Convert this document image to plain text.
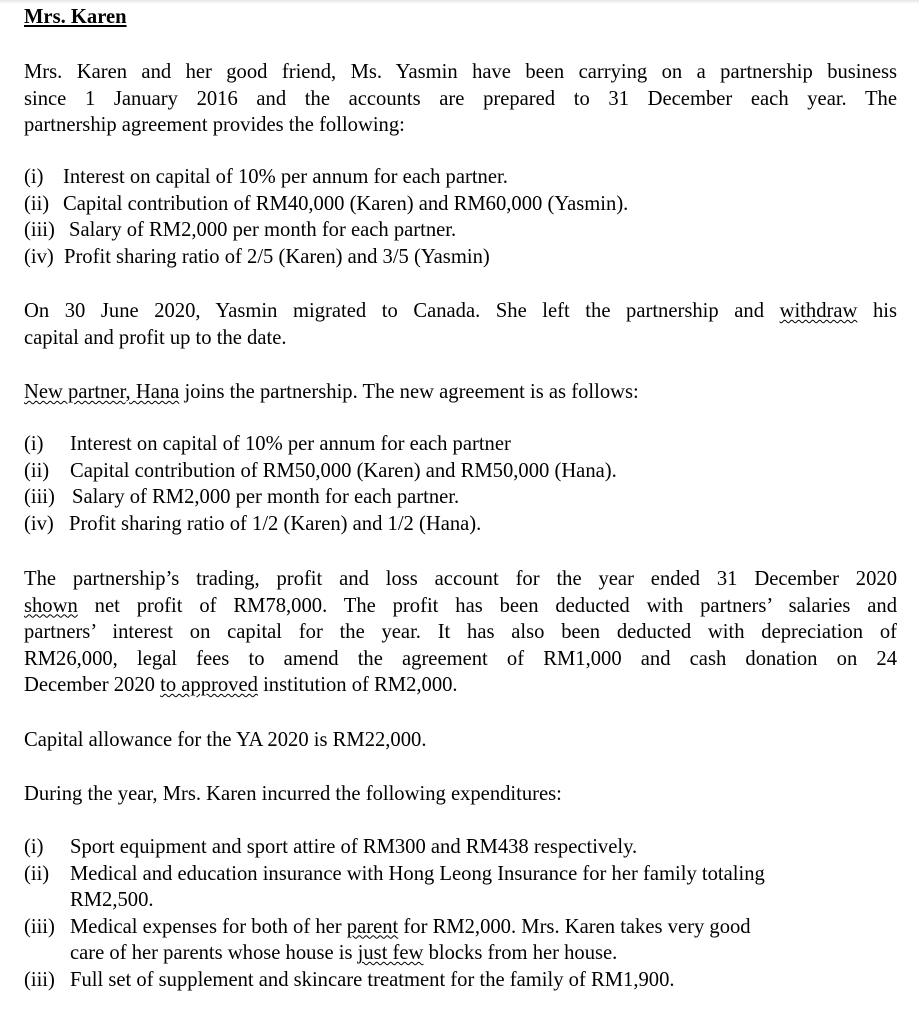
Mrs. Karen

Mrs. Karen and her good friend, Ms. Yasmin have been carrying on a partnership business
since 1 January 2016 and the accounts are prepared to 31 December each year. The
partnership agreement provides the following:
(i) Interest on capital of 10% per annum for each partner.
(ii) Capital contribution of RM40,000 (Karen) and RM60,000 (Yasmin).
(iii) Salary of RM2,000 per month for each partner.
(iv) Profit sharing ratio of 2/5 (Karen) and 3/5 (Yasmin)
On 30 June 2020, Yasmin migrated to Canada. She left the partnership and withdraw his
capital and profit up to the date.
New partner, Hana joins the partnership. The new agreement is as follows:
(i) Interest on capital of 10% per annum for each partner
(ii) Capital contribution of RM50,000 (Karen) and RM50,000 (Hana).
(iii) Salary of RM2,000 per month for each partner.
(iv) Profit sharing ratio of 1/2 (Karen) and 1/2 (Hana).
The partnership’s trading, profit and loss account for the year ended 31 December 2020
shown net profit of RM78,000. The profit has been deducted with partners’ salaries and
partners’ interest on capital for the year. It has also been deducted with depreciation of
RM26,000, legal fees to amend the agreement of RM1,000 and cash donation on 24
December 2020 to approved institution of RM2,000.
Capital allowance for the YA 2020 is RM22,000.
During the year, Mrs. Karen incurred the following expenditures:
(i) Sport equipment and sport attire of RM300 and RM438 respectively.
(ii) Medical and education insurance with Hong Leong Insurance for her family totaling
RM2,500.
(iii) Medical expenses for both of her parent for RM2,000. Mrs. Karen takes very good
care of her parents whose house is just few blocks from her house.
(iii) Full set of supplement and skincare treatment for the family of RM1,900.
